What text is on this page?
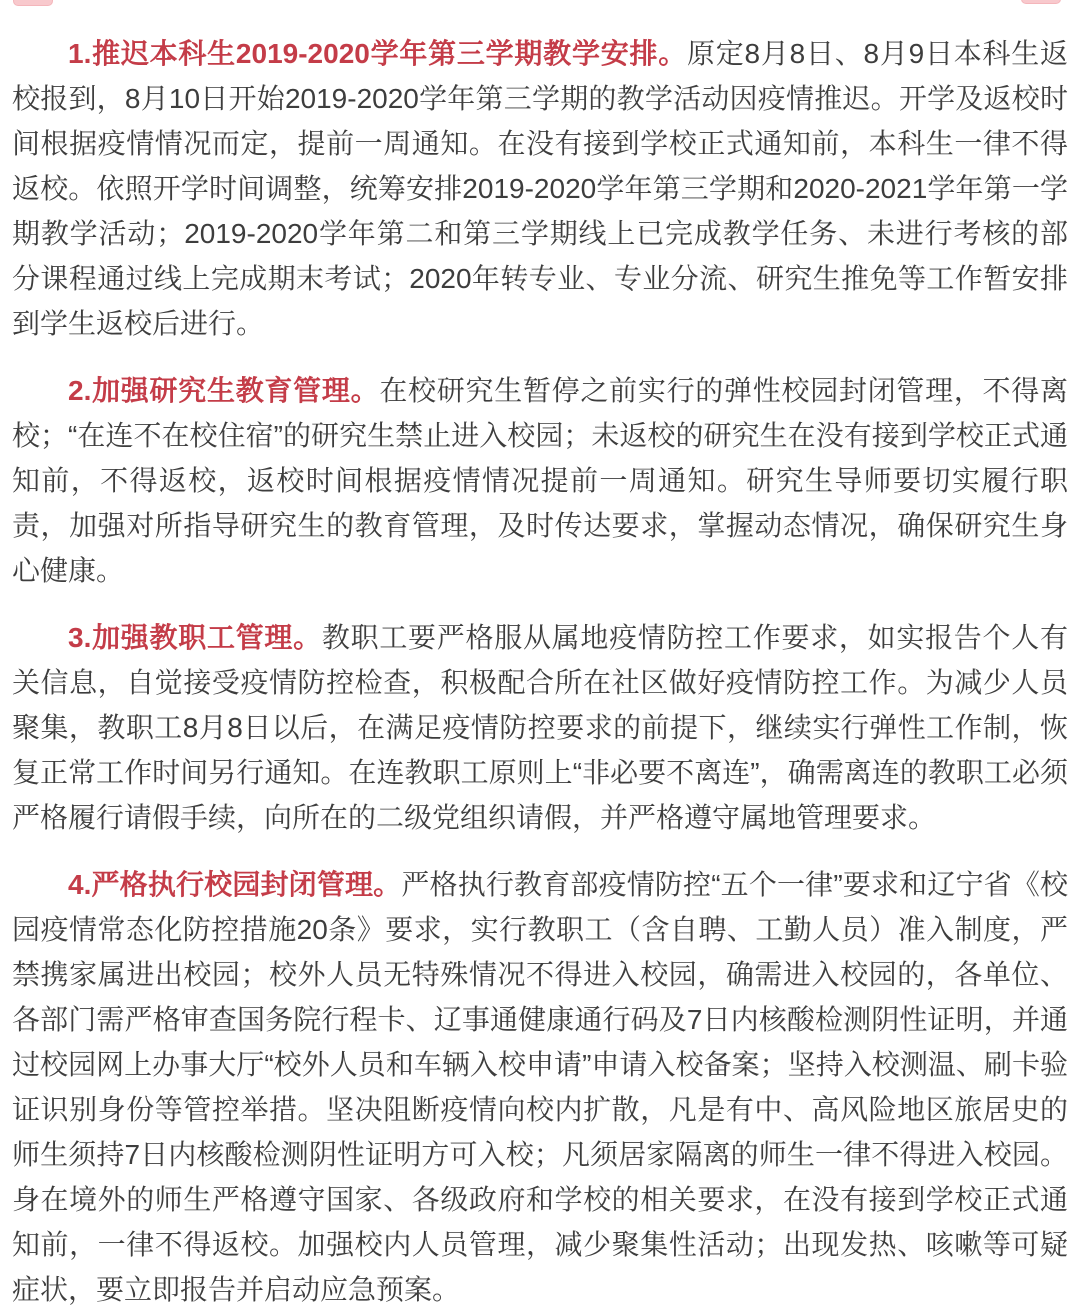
1.推迟本科生2019-2020学年第三学期教学安排。原定8月8日、8月9日本科生返校报到，8月10日开始2019-2020学年第三学期的教学活动因疫情推迟。开学及返校时间根据疫情情况而定，提前一周通知。在没有接到学校正式通知前，本科生一律不得返校。依照开学时间调整，统筹安排2019-2020学年第三学期和2020-2021学年第一学期教学活动；2019-2020学年第二和第三学期线上已完成教学任务、未进行考核的部分课程通过线上完成期末考试；2020年转专业、专业分流、研究生推免等工作暂安排到学生返校后进行。

2.加强研究生教育管理。在校研究生暂停之前实行的弹性校园封闭管理，不得离校；“在连不在校住宿”的研究生禁止进入校园；未返校的研究生在没有接到学校正式通知前，不得返校，返校时间根据疫情情况提前一周通知。研究生导师要切实履行职责，加强对所指导研究生的教育管理，及时传达要求，掌握动态情况，确保研究生身心健康。

3.加强教职工管理。教职工要严格服从属地疫情防控工作要求，如实报告个人有关信息，自觉接受疫情防控检查，积极配合所在社区做好疫情防控工作。为减少人员聚集，教职工8月8日以后，在满足疫情防控要求的前提下，继续实行弹性工作制，恢复正常工作时间另行通知。在连教职工原则上“非必要不离连”，确需离连的教职工必须严格履行请假手续，向所在的二级党组织请假，并严格遵守属地管理要求。

4.严格执行校园封闭管理。严格执行教育部疫情防控“五个一律”要求和辽宁省《校园疫情常态化防控措施20条》要求，实行教职工（含自聘、工勤人员）准入制度，严禁携家属进出校园；校外人员无特殊情况不得进入校园，确需进入校园的，各单位、各部门需严格审查国务院行程卡、辽事通健康通行码及7日内核酸检测阴性证明，并通过校园网上办事大厅“校外人员和车辆入校申请”申请入校备案；坚持入校测温、刷卡验证识别身份等管控举措。坚决阻断疫情向校内扩散，凡是有中、高风险地区旅居史的师生须持7日内核酸检测阴性证明方可入校；凡须居家隔离的师生一律不得进入校园。身在境外的师生严格遵守国家、各级政府和学校的相关要求，在没有接到学校正式通知前，一律不得返校。加强校内人员管理，减少聚集性活动；出现发热、咳嗽等可疑症状，要立即报告并启动应急预案。
